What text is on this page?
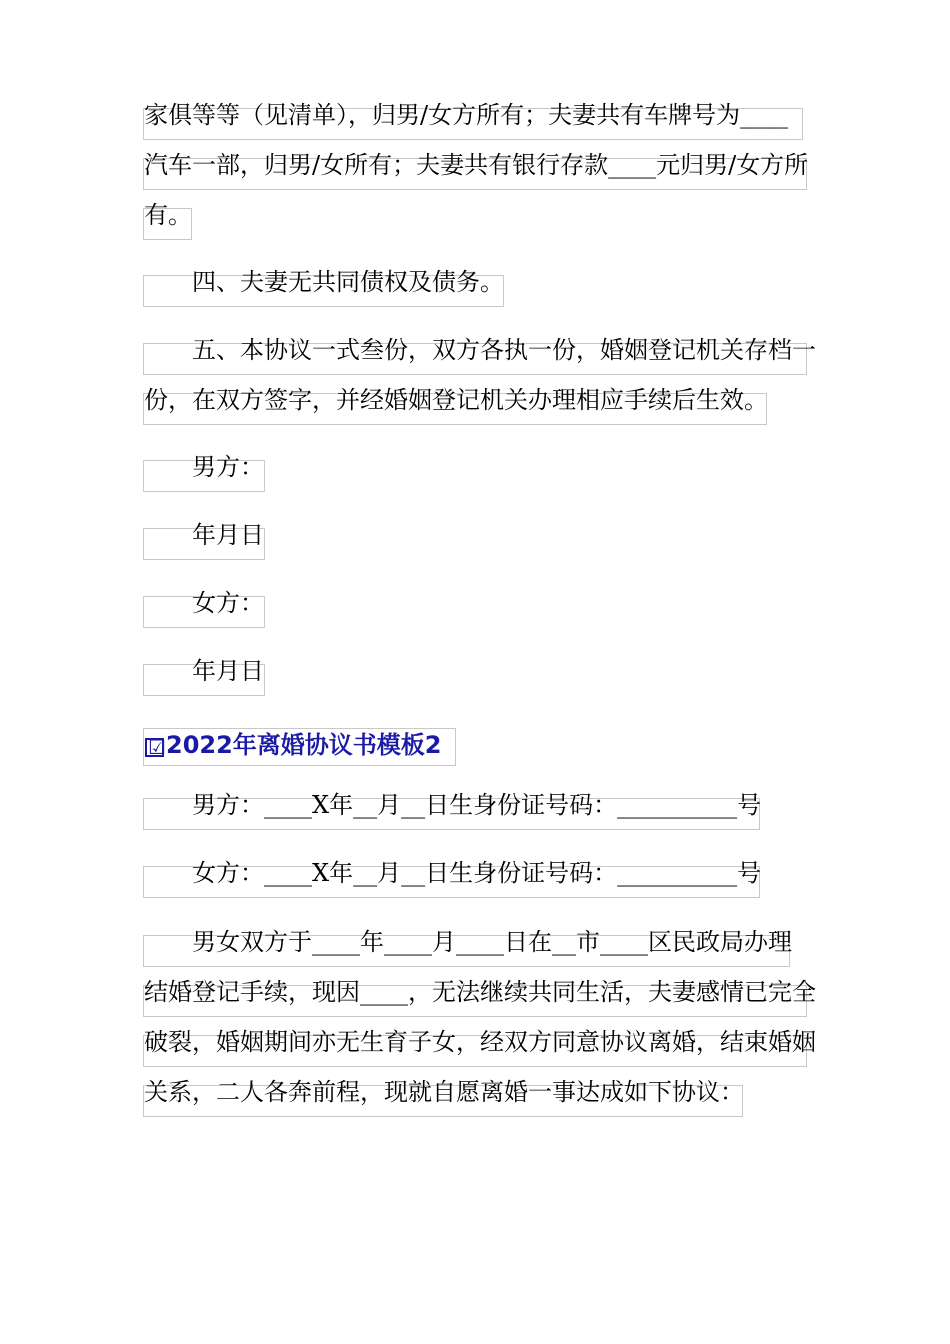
家俱等等（见清单），归男/女方所有；夫妻共有车牌号为____
汽车一部，归男/女所有；夫妻共有银行存款____元归男/女方所
有。
　　四、夫妻无共同债权及债务。
　　五、本协议一式叁份，双方各执一份，婚姻登记机关存档一
份，在双方签字，并经婚姻登记机关办理相应手续后生效。
　　男方：
　　年月日
　　女方：
　　年月日
☑ 2022年离婚协议书模板2
　　男方：____X年__月__日生身份证号码：__________号
　　女方：____X年__月__日生身份证号码：__________号
　　男女双方于____年____月____日在__市____区民政局办理
结婚登记手续，现因____，无法继续共同生活，夫妻感情已完全
破裂，婚姻期间亦无生育子女，经双方同意协议离婚，结束婚姻
关系，二人各奔前程，现就自愿离婚一事达成如下协议：
